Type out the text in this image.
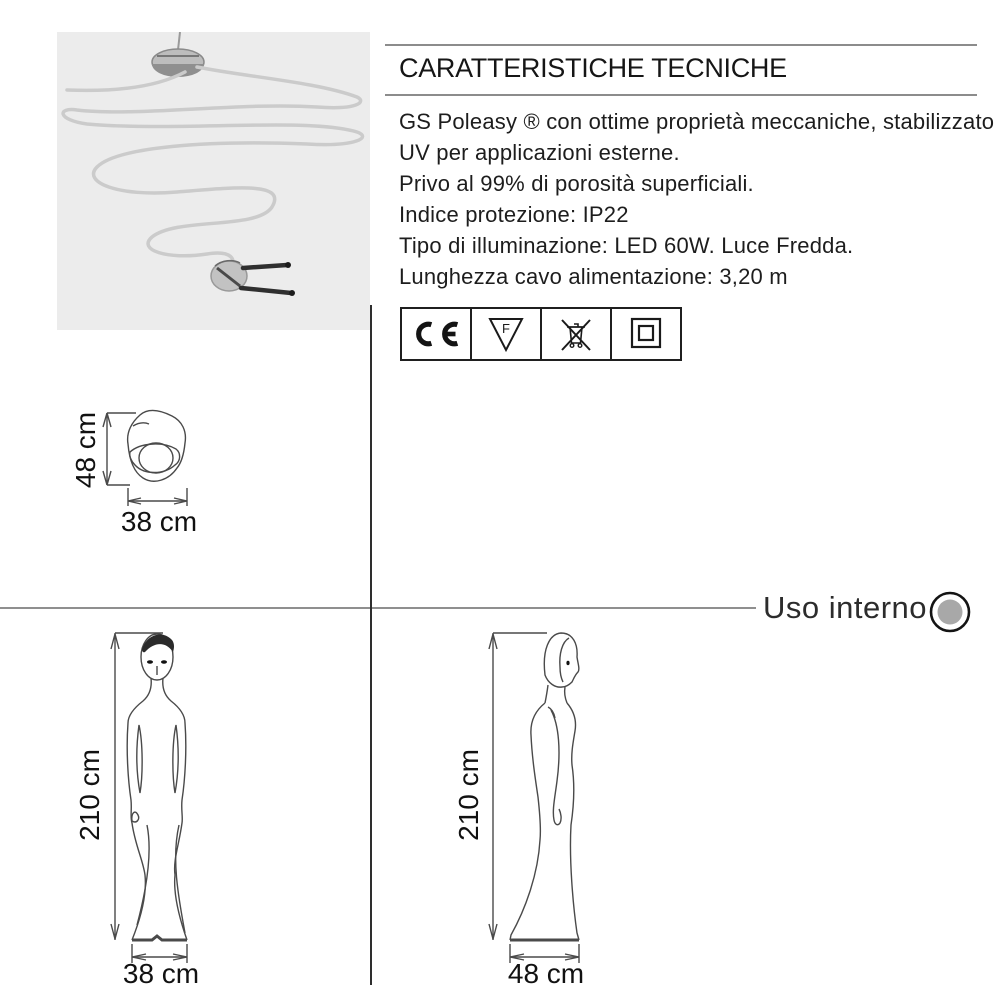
CARATTERISTICHE TECNICHE
GS Poleasy ® con ottime proprietà meccaniche, stabilizzato
UV per applicazioni esterne.
Privo al 99% di porosità superficiali.
Indice protezione: IP22
Tipo di illuminazione: LED 60W. Luce Fredda.
Lunghezza cavo alimentazione: 3,20 m
F
48 cm
38 cm
Uso interno
210 cm
38 cm
210 cm
48 cm
